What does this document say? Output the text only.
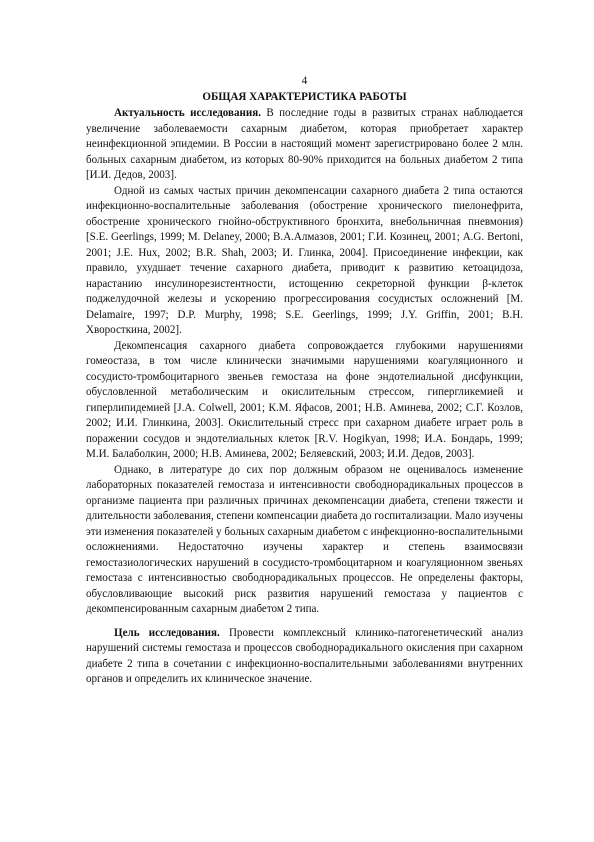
4

ОБЩАЯ ХАРАКТЕРИСТИКА РАБОТЫ

Актуальность исследования. В последние годы в развитых странах наблюдается увеличение заболеваемости сахарным диабетом, которая приобретает характер неинфекционной эпидемии. В России в настоящий момент зарегистрировано более 2 млн. больных сахарным диабетом, из которых 80-90% приходится на больных диабетом 2 типа [И.И. Дедов, 2003].

Одной из самых частых причин декомпенсации сахарного диабета 2 типа остаются инфекционно-воспалительные заболевания (обострение хронического пиелонефрита, обострение хронического гнойно-обструктивного бронхита, внебольничная пневмония) [S.E. Geerlings, 1999; M. Delaney, 2000; В.А.Алмазов, 2001; Г.И. Козинец, 2001; A.G. Bertoni, 2001; J.E. Hux, 2002; B.R. Shah, 2003; И. Глинка, 2004]. Присоединение инфекции, как правило, ухудшает течение сахарного диабета, приводит к развитию кетоацидоза, нарастанию инсулинорезистентности, истощению секреторной функции β-клеток поджелудочной железы и ускорению прогрессирования сосудистых осложнений [M. Delamaire, 1997; D.P. Murphy, 1998; S.E. Geerlings, 1999; J.Y. Griffin, 2001; В.Н. Хворосткина, 2002].

Декомпенсация сахарного диабета сопровождается глубокими нарушениями гомеостаза, в том числе клинически значимыми нарушениями коагуляционного и сосудисто-тромбоцитарного звеньев гемостаза на фоне эндотелиальной дисфункции, обусловленной метаболическим и окислительным стрессом, гипергликемией и гиперлипидемией [J.A. Colwell, 2001; К.М. Яфасов, 2001; Н.В. Аминева, 2002; С.Г. Козлов, 2002; И.И. Глинкина, 2003]. Окислительный стресс при сахарном диабете играет роль в поражении сосудов и эндотелиальных клеток [R.V. Hogikyan, 1998; И.А. Бондарь, 1999; М.И. Балаболкин, 2000; Н.В. Аминева, 2002; Беляевский, 2003; И.И. Дедов, 2003].

Однако, в литературе до сих пор должным образом не оценивалось изменение лабораторных показателей гемостаза и интенсивности свободнорадикальных процессов в организме пациента при различных причинах декомпенсации диабета, степени тяжести и длительности заболевания, степени компенсации диабета до госпитализации. Мало изучены эти изменения показателей у больных сахарным диабетом с инфекционно-воспалительными осложнениями. Недостаточно изучены характер и степень взаимосвязи гемостазиологических нарушений в сосудисто-тромбоцитарном и коагуляционном звеньях гемостаза с интенсивностью свободнорадикальных процессов. Не определены факторы, обусловливающие высокий риск развития нарушений гемостаза у пациентов с декомпенсированным сахарным диабетом 2 типа.

Цель исследования. Провести комплексный клинико-патогенетический анализ нарушений системы гемостаза и процессов свободнорадикального окисления при сахарном диабете 2 типа в сочетании с инфекционно-воспалительными заболеваниями внутренних органов и определить их клиническое значение.
